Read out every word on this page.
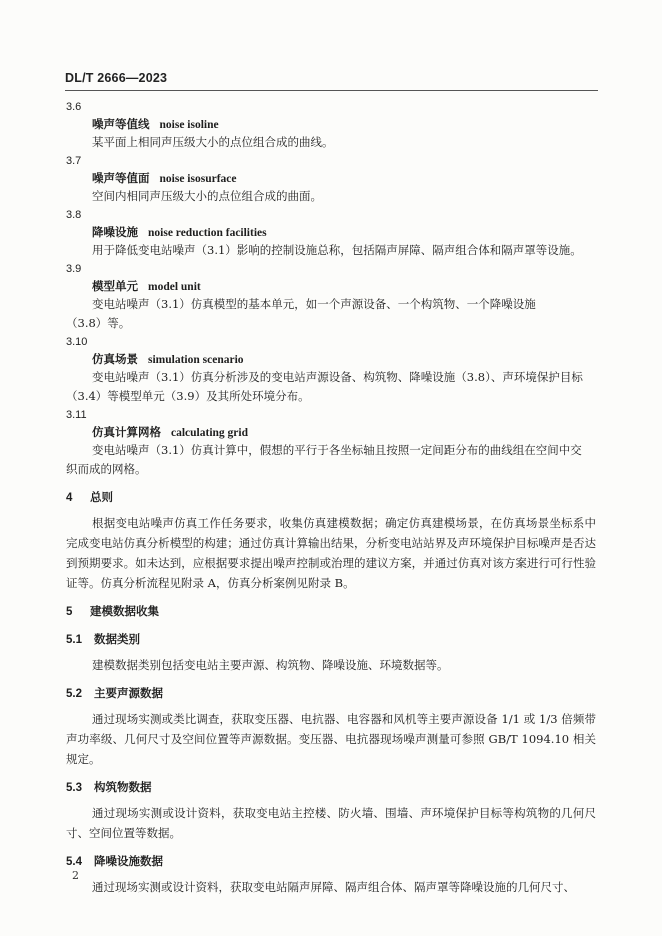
DL/T 2666—2023
3.6
噪声等值线 noise isoline
某平面上相同声压级大小的点位组合成的曲线。
3.7
噪声等值面 noise isosurface
空间内相同声压级大小的点位组合成的曲面。
3.8
降噪设施 noise reduction facilities
用于降低变电站噪声（3.1）影响的控制设施总称，包括隔声屏障、隔声组合体和隔声罩等设施。
3.9
模型单元 model unit
变电站噪声（3.1）仿真模型的基本单元，如一个声源设备、一个构筑物、一个降噪设施
（3.8）等。
3.10
仿真场景 simulation scenario
变电站噪声（3.1）仿真分析涉及的变电站声源设备、构筑物、降噪设施（3.8）、声环境保护目标
（3.4）等模型单元（3.9）及其所处环境分布。
3.11
仿真计算网格 calculating grid
变电站噪声（3.1）仿真计算中，假想的平行于各坐标轴且按照一定间距分布的曲线组在空间中交
织而成的网格。
4 总则
根据变电站噪声仿真工作任务要求，收集仿真建模数据；确定仿真建模场景，在仿真场景坐标系中完成变电站仿真分析模型的构建；通过仿真计算输出结果，分析变电站站界及声环境保护目标噪声是否达到预期要求。如未达到，应根据要求提出噪声控制或治理的建议方案，并通过仿真对该方案进行可行性验证等。仿真分析流程见附录 A，仿真分析案例见附录 B。
5 建模数据收集
5.1 数据类别
建模数据类别包括变电站主要声源、构筑物、降噪设施、环境数据等。
5.2 主要声源数据
通过现场实测或类比调查，获取变压器、电抗器、电容器和风机等主要声源设备 1/1 或 1/3 倍频带声功率级、几何尺寸及空间位置等声源数据。变压器、电抗器现场噪声测量可参照 GB/T 1094.10 相关规定。
5.3 构筑物数据
通过现场实测或设计资料，获取变电站主控楼、防火墙、围墙、声环境保护目标等构筑物的几何尺寸、空间位置等数据。
5.4 降噪设施数据
通过现场实测或设计资料，获取变电站隔声屏障、隔声组合体、隔声罩等降噪设施的几何尺寸、
2
